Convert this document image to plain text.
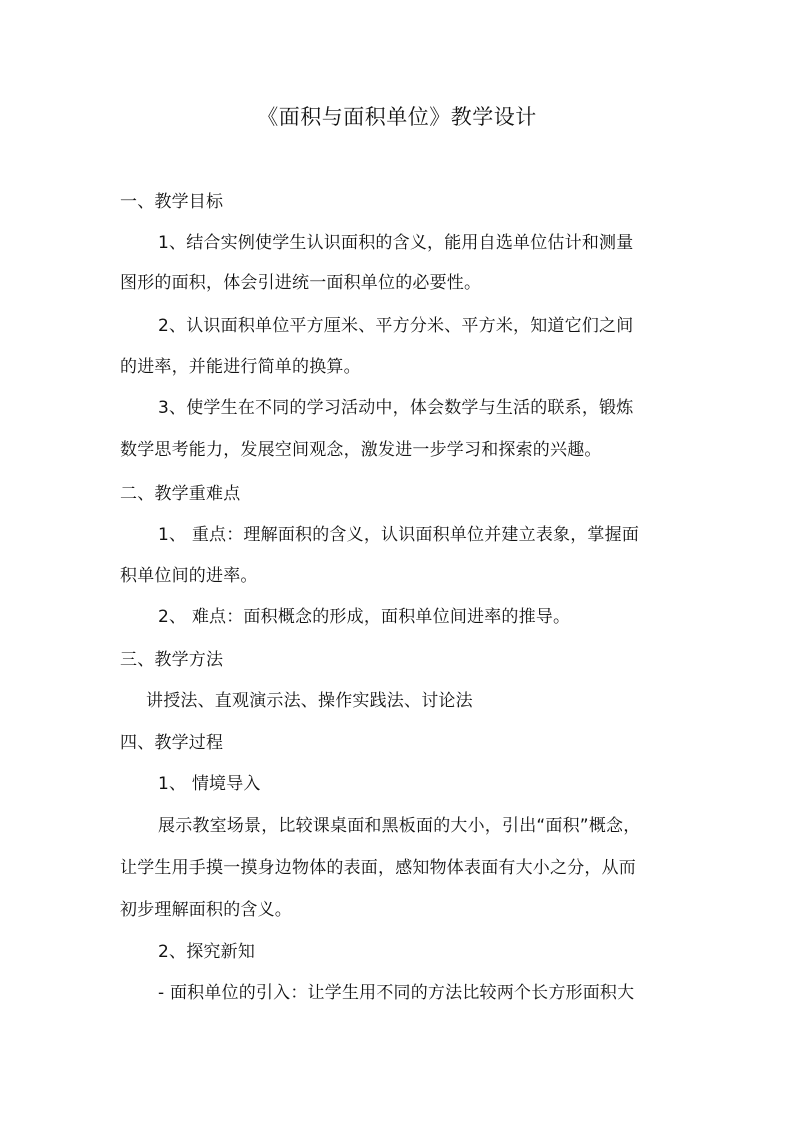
《面积与面积单位》教学设计
一、教学目标
1、结合实例使学生认识面积的含义，能用自选单位估计和测量
图形的面积，体会引进统一面积单位的必要性。
2、认识面积单位平方厘米、平方分米、平方米，知道它们之间
的进率，并能进行简单的换算。
3、使学生在不同的学习活动中，体会数学与生活的联系，锻炼
数学思考能力，发展空间观念，激发进一步学习和探索的兴趣。
二、教学重难点
1、 重点：理解面积的含义，认识面积单位并建立表象，掌握面
积单位间的进率。
2、 难点：面积概念的形成，面积单位间进率的推导。
三、教学方法
讲授法、直观演示法、操作实践法、讨论法
四、教学过程
1、 情境导入
展示教室场景，比较课桌面和黑板面的大小，引出“面积”概念，
让学生用手摸一摸身边物体的表面，感知物体表面有大小之分，从而
初步理解面积的含义。
2、探究新知
- 面积单位的引入：让学生用不同的方法比较两个长方形面积大
